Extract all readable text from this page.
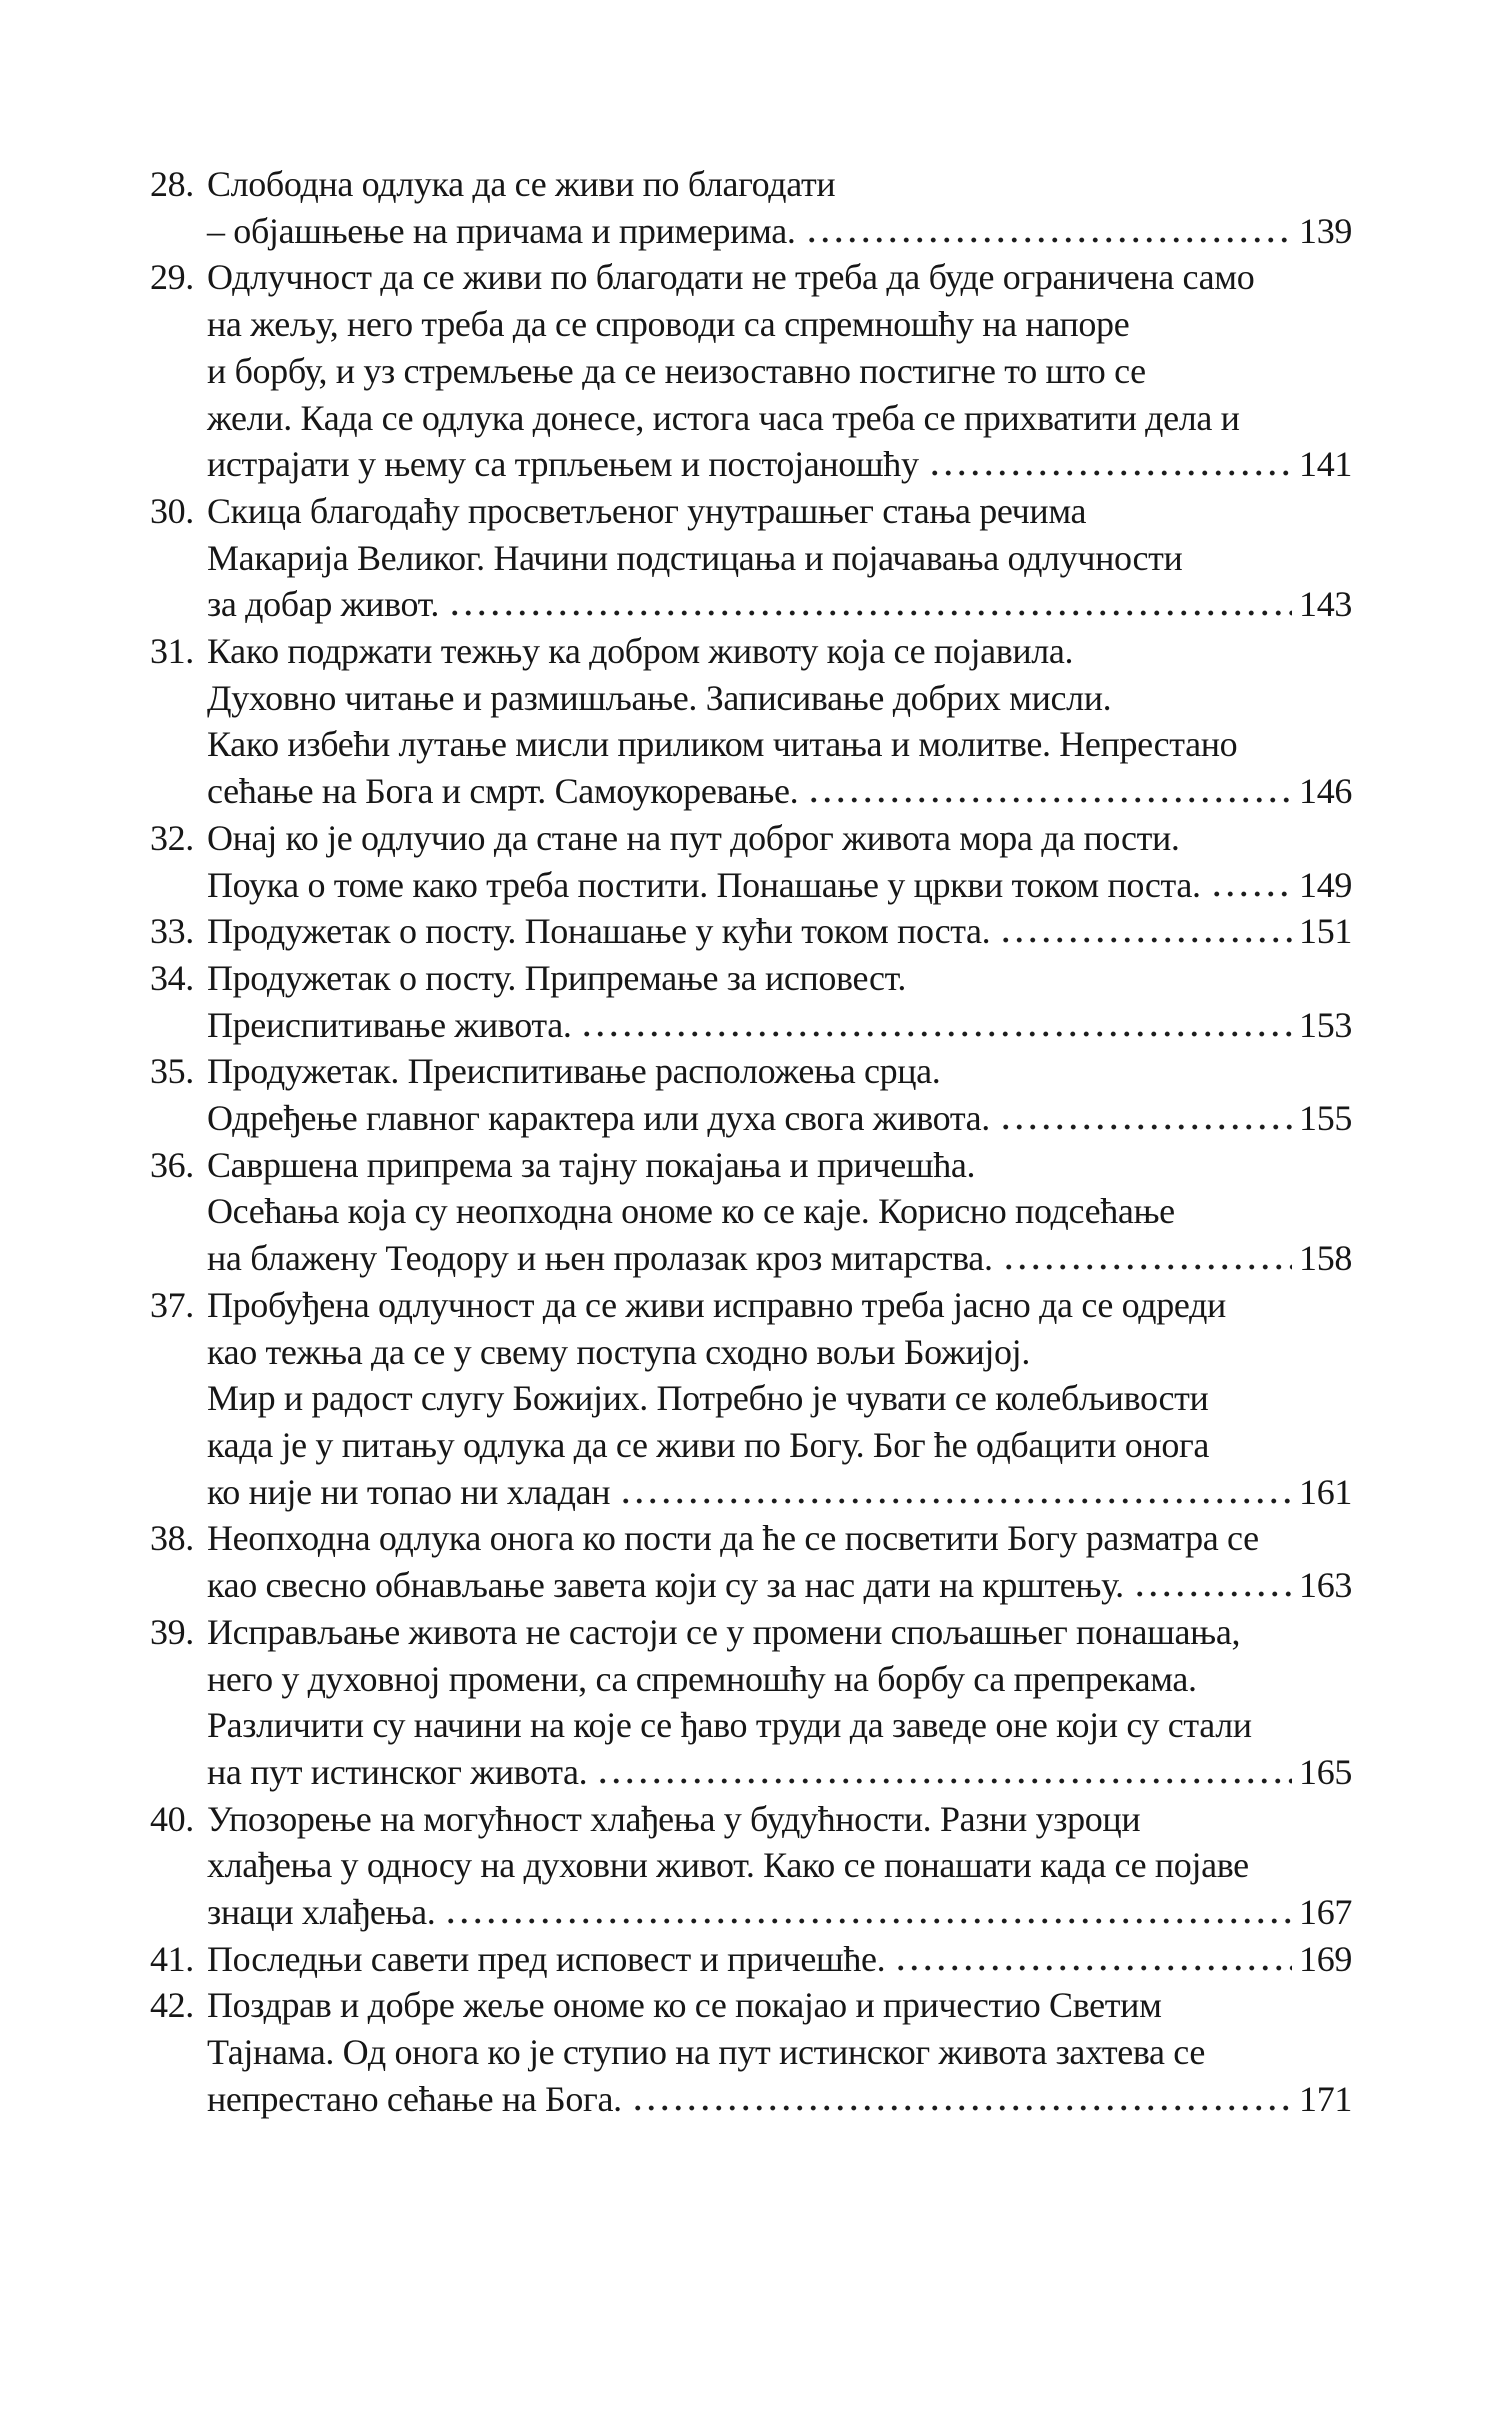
28. Слободна одлука да се живи по благодати
– објашњење на причама и примерима.	139
29. Одлучност да се живи по благодати не треба да буде ограничена само
на жељу, него треба да се спроводи са спремношћу на напоре
и борбу, и уз стремљење да се неизоставно постигне то што се
жели. Када се одлука донесе, истога часа треба се прихватити дела и
истрајати у њему са трпљењем и постојаношћу	141
30. Скица благодаћу просветљеног унутрашњег стања речима
Макарија Великог. Начини подстицања и појачавања одлучности
за добар живот.	143
31. Како подржати тежњу ка добром животу која се појавила.
Духовно читање и размишљање. Записивање добрих мисли.
Како избећи лутање мисли приликом читања и молитве. Непрестано
сећање на Бога и смрт. Самоукоревање.	146
32. Онај ко је одлучио да стане на пут доброг живота мора да пости.
Поука о томе како треба постити. Понашање у цркви током поста.	149
33. Продужетак о посту. Понашање у кући током поста.	151
34. Продужетак о посту. Припремање за исповест.
Преиспитивање живота.	153
35. Продужетак. Преиспитивање расположења срца.
Одређење главног карактера или духа свога живота.	155
36. Савршена припрема за тајну покајања и причешћа.
Осећања која су неопходна ономе ко се каје. Корисно подсећање
на блажену Теодору и њен пролазак кроз митарства.	158
37. Пробуђена одлучност да се живи исправно треба јасно да се одреди
као тежња да се у свему поступа сходно вољи Божијој.
Мир и радост слугу Божијих. Потребно је чувати се колебљивости
када је у питању одлука да се живи по Богу. Бог ће одбацити онога
ко није ни топао ни хладан	161
38. Неопходна одлука онога ко пости да ће се посветити Богу разматра се
као свесно обнављање завета који су за нас дати на крштењу.	163
39. Исправљање живота не састоји се у промени спољашњег понашања,
него у духовној промени, са спремношћу на борбу са препрекама.
Различити су начини на које се ђаво труди да заведе оне који су стали
на пут истинског живота.	165
40. Упозорење на могућност хлађења у будућности. Разни узроци
хлађења у односу на духовни живот. Како се понашати када се појаве
знаци хлађења.	167
41. Последњи савети пред исповест и причешће.	169
42. Поздрав и добре жеље ономе ко се покајао и причестио Светим
Тајнама. Од онога ко је ступио на пут истинског живота захтева се
непрестано сећање на Бога.	171
